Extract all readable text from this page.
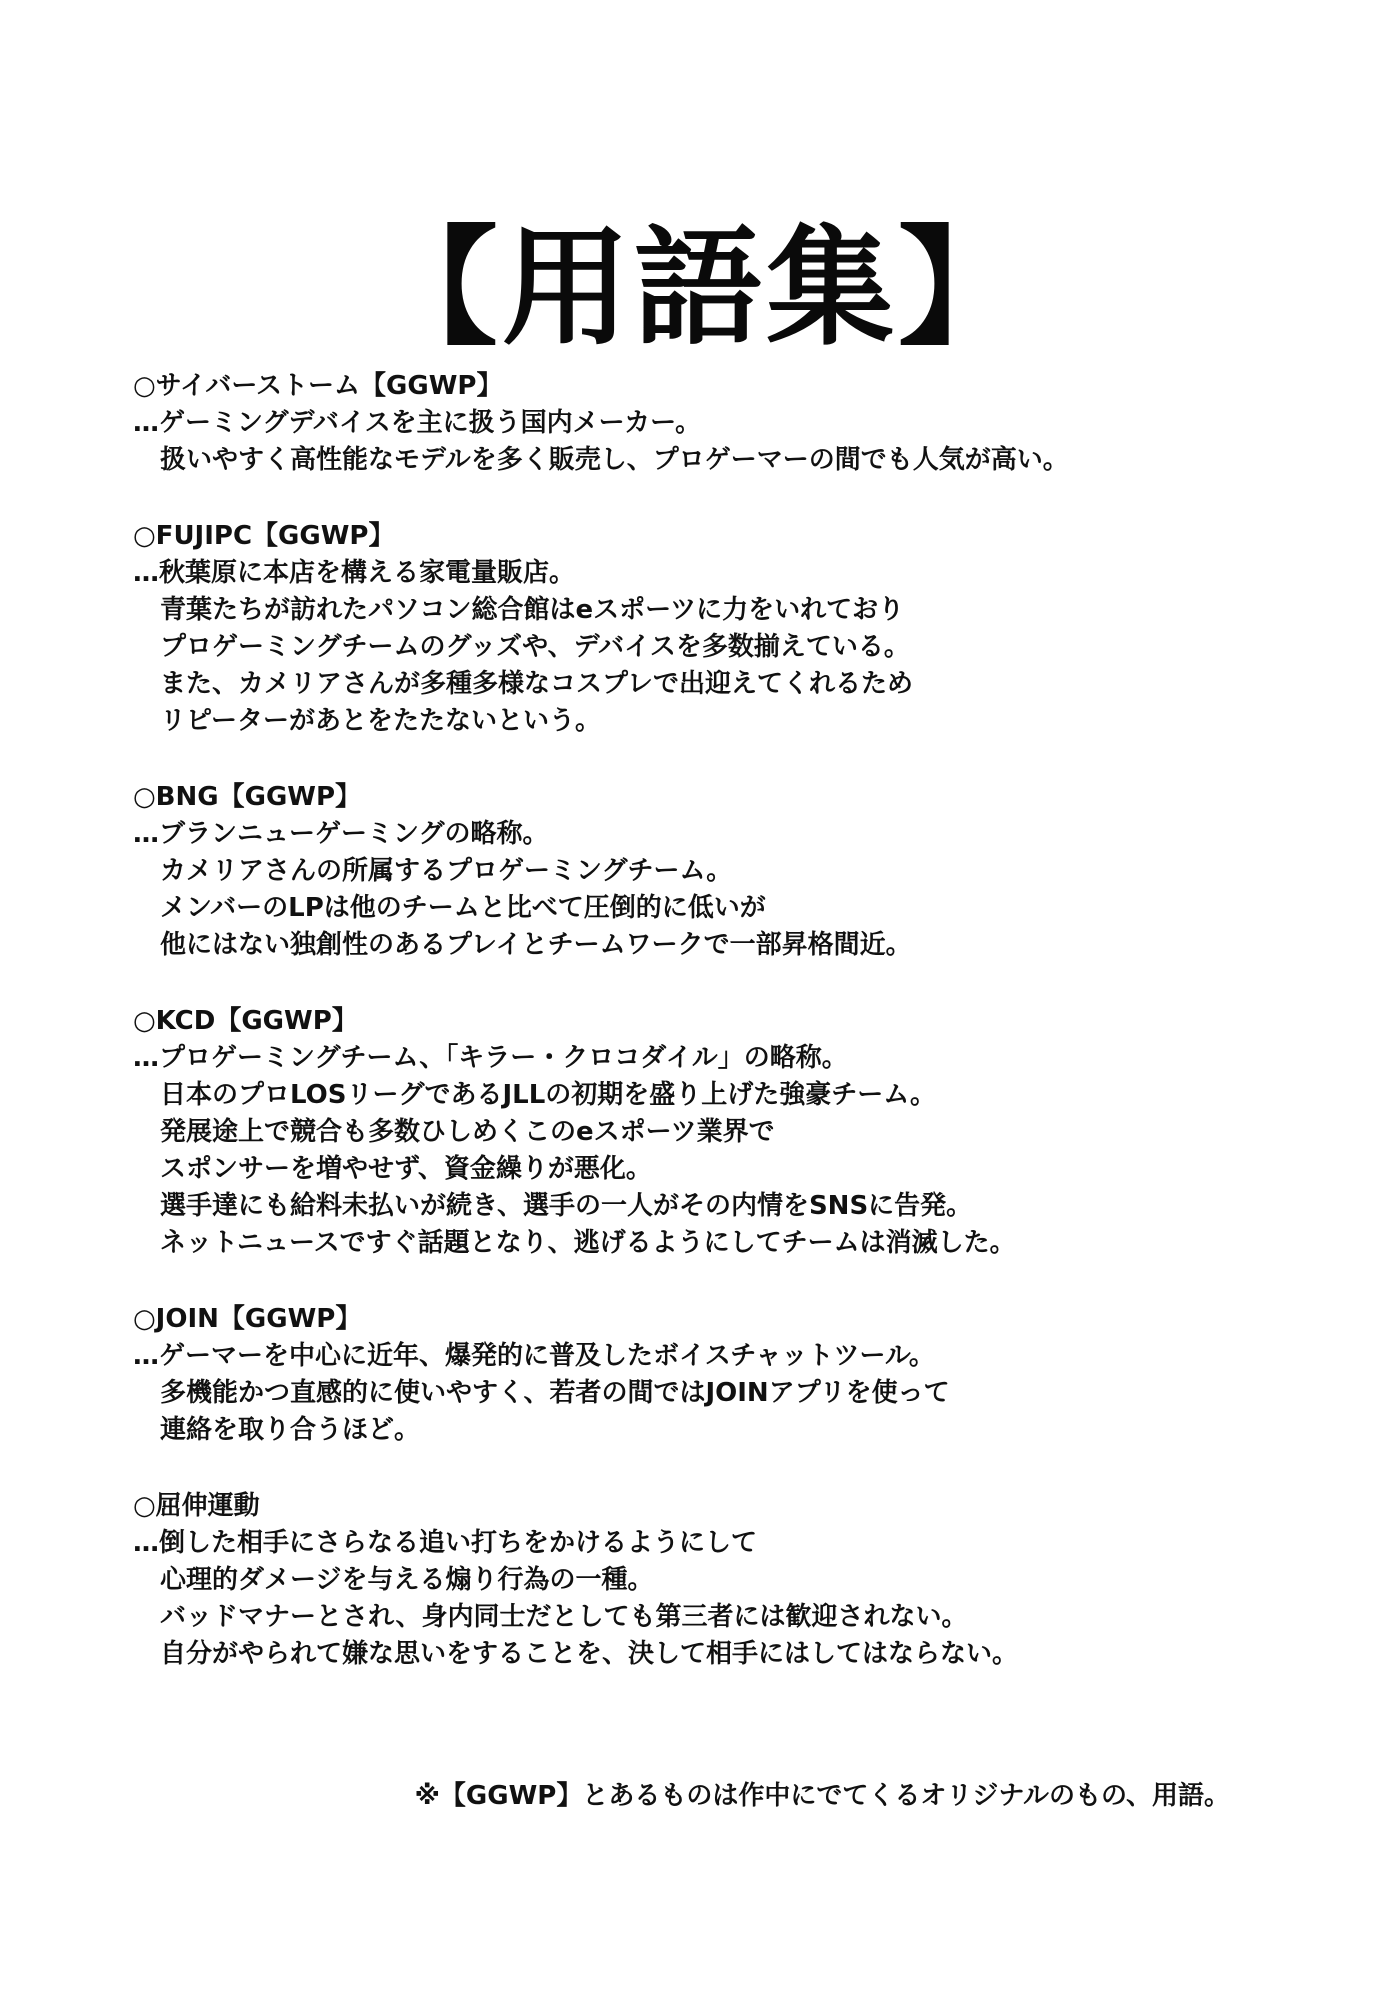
【用語集】
○サイバーストーム【GGWP】
…ゲーミングデバイスを主に扱う国内メーカー。
扱いやすく高性能なモデルを多く販売し、プロゲーマーの間でも人気が高い。
○FUJIPC【GGWP】
…秋葉原に本店を構える家電量販店。
青葉たちが訪れたパソコン総合館はeスポーツに力をいれており
プロゲーミングチームのグッズや、デバイスを多数揃えている。
また、カメリアさんが多種多様なコスプレで出迎えてくれるため
リピーターがあとをたたないという。
○BNG【GGWP】
…ブランニューゲーミングの略称。
カメリアさんの所属するプロゲーミングチーム。
メンバーのLPは他のチームと比べて圧倒的に低いが
他にはない独創性のあるプレイとチームワークで一部昇格間近。
○KCD【GGWP】
…プロゲーミングチーム、「キラー・クロコダイル」の略称。
日本のプロLOSリーグであるJLLの初期を盛り上げた強豪チーム。
発展途上で競合も多数ひしめくこのeスポーツ業界で
スポンサーを増やせず、資金繰りが悪化。
選手達にも給料未払いが続き、選手の一人がその内情をSNSに告発。
ネットニュースですぐ話題となり、逃げるようにしてチームは消滅した。
○JOIN【GGWP】
…ゲーマーを中心に近年、爆発的に普及したボイスチャットツール。
多機能かつ直感的に使いやすく、若者の間ではJOINアプリを使って
連絡を取り合うほど。
○屈伸運動
…倒した相手にさらなる追い打ちをかけるようにして
心理的ダメージを与える煽り行為の一種。
バッドマナーとされ、身内同士だとしても第三者には歓迎されない。
自分がやられて嫌な思いをすることを、決して相手にはしてはならない。
※【GGWP】とあるものは作中にでてくるオリジナルのもの、用語。
